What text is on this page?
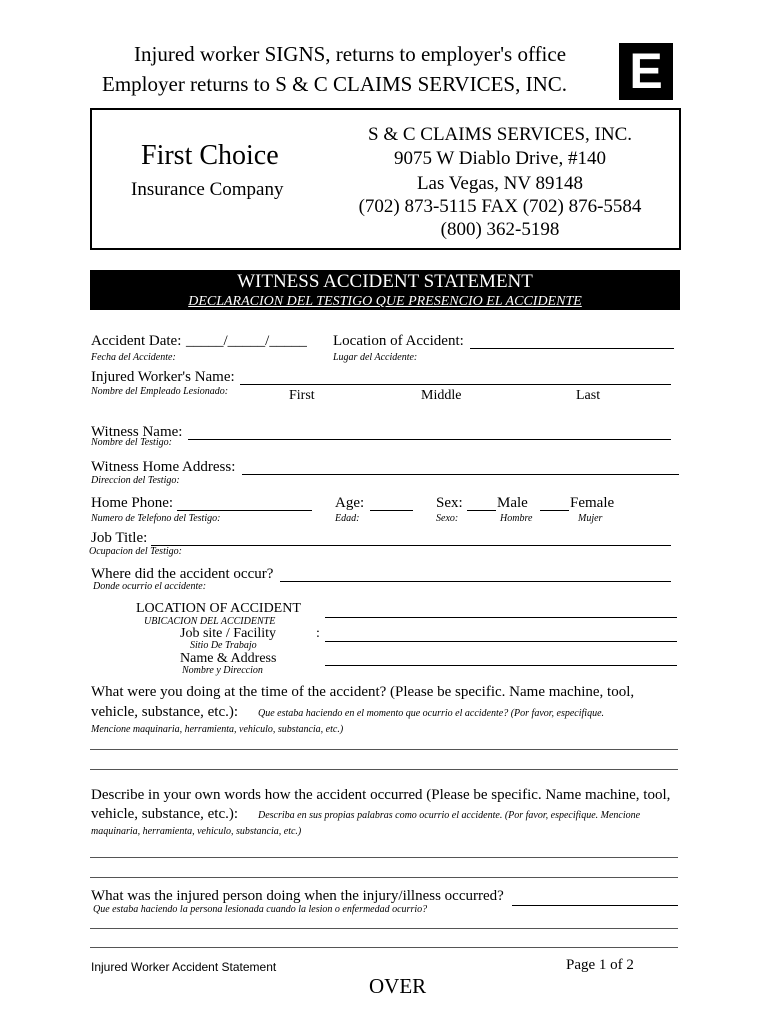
Injured worker SIGNS, returns to employer's office
Employer returns to S & C CLAIMS SERVICES, INC. E
First Choice
Insurance Company
S & C CLAIMS SERVICES, INC.
9075 W Diablo Drive, #140
Las Vegas, NV 89148
(702) 873-5115 FAX (702) 876-5584
(800) 362-5198
WITNESS ACCIDENT STATEMENT
DECLARACION DEL TESTIGO QUE PRESENCIO EL ACCIDENTE
Accident Date: _____/_____/_____
Fecha del Accidente:
Location of Accident:
Lugar del Accidente:
Injured Worker's Name:
Nombre del Empleado Lesionado:	First	Middle	Last
Witness Name:
Nombre del Testigo:
Witness Home Address:
Direccion del Testigo:
Home Phone:
Numero de Telefono del Testigo:
Age:
Edad:
Sex: Male	Female
Sexo:	Hombre	Mujer
Job Title:
Ocupacion del Testigo:
Where did the accident occur?
Donde ocurrio el accidente:
LOCATION OF ACCIDENT
UBICACION DEL ACCIDENTE
Job site / Facility	:
Sitio De Trabajo
Name & Address
Nombre y Direccion
What were you doing at the time of the accident? (Please be specific. Name machine, tool,
vehicle, substance, etc.): Que estaba haciendo en el momento que ocurrio el accidente? (Por favor, especifique.
Mencione maquinaria, herramienta, vehiculo, substancia, etc.)
Describe in your own words how the accident occurred (Please be specific. Name machine, tool,
vehicle, substance, etc.): Describa en sus propias palabras como ocurrio el accidente. (Por favor, especifique. Mencione
maquinaria, herramienta, vehiculo, substancia, etc.)
What was the injured person doing when the injury/illness occurred?
Que estaba haciendo la persona lesionada cuando la lesion o enfermedad ocurrio?
Injured Worker Accident Statement	Page 1 of 2
OVER
